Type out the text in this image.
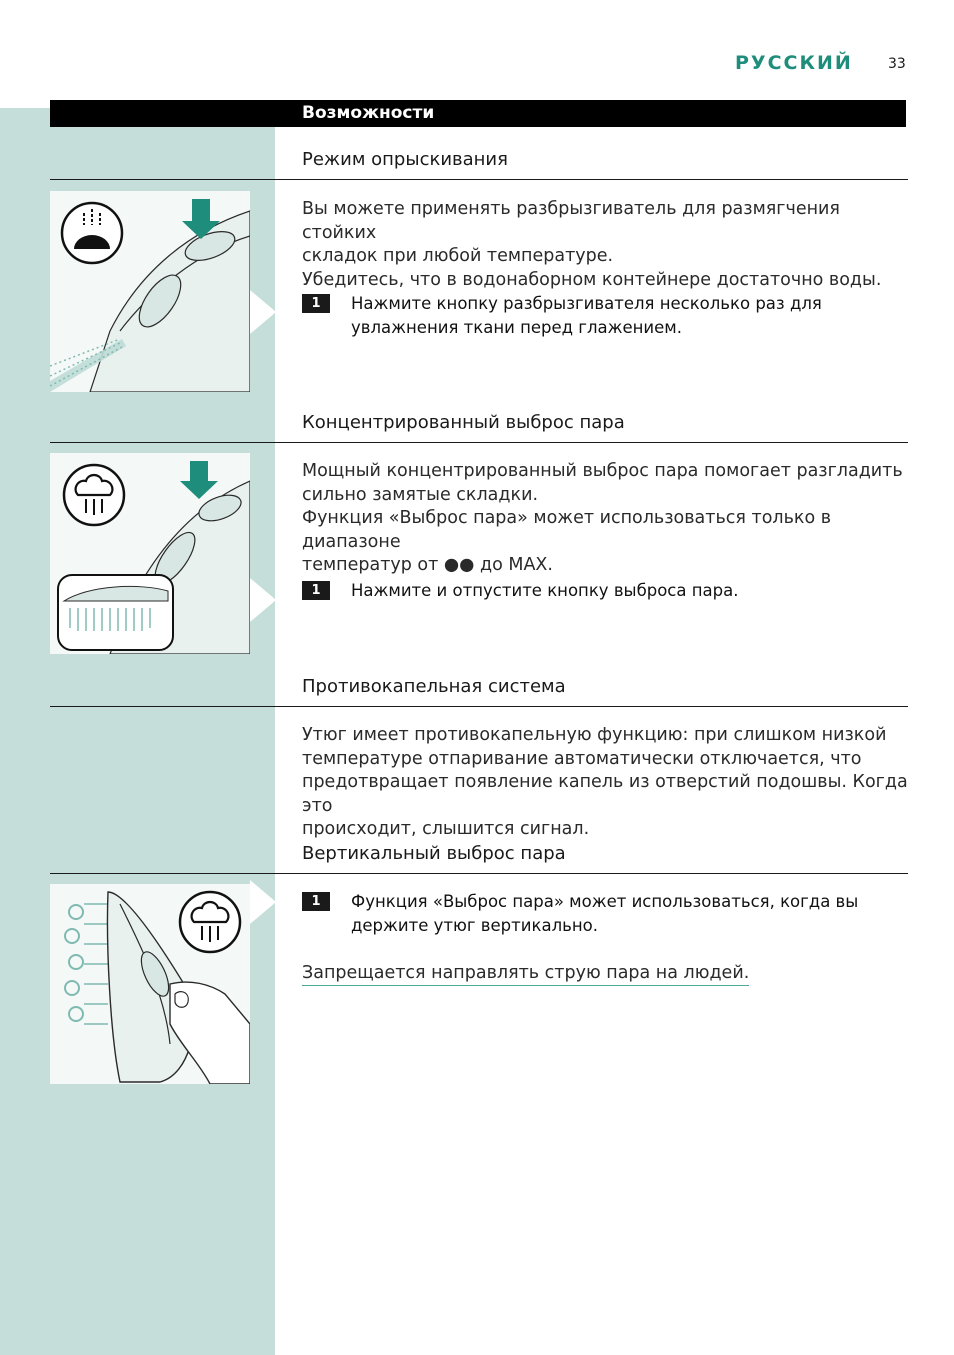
РУССКИЙ	33
Возможности
Режим опрыскивания

Вы можете применять разбрызгиватель для размягчения стойких
складок при любой температуре.
Убедитесь, что в водонаборном контейнере достаточно воды.

1	Нажмите кнопку разбрызгивателя несколько раз для
увлажнения ткани перед глажением.

Концентрированный выброс пара

Мощный концентрированный выброс пара помогает разгладить
сильно замятые складки.
Функция «Выброс пара» может использоваться только в диапазоне
температур от ●● до MAX.

1	Нажмите и отпустите кнопку выброса пара.

Противокапельная система

Утюг имеет противокапельную функцию: при слишком низкой
температуре отпаривание автоматически отключается, что
предотвращает появление капель из отверстий подошвы. Когда это
происходит, слышится сигнал.

Вертикальный выброс пара
1	Функция «Выброс пара» может использоваться, когда вы
держите утюг вертикально.

Запрещается направлять струю пара на людей.
